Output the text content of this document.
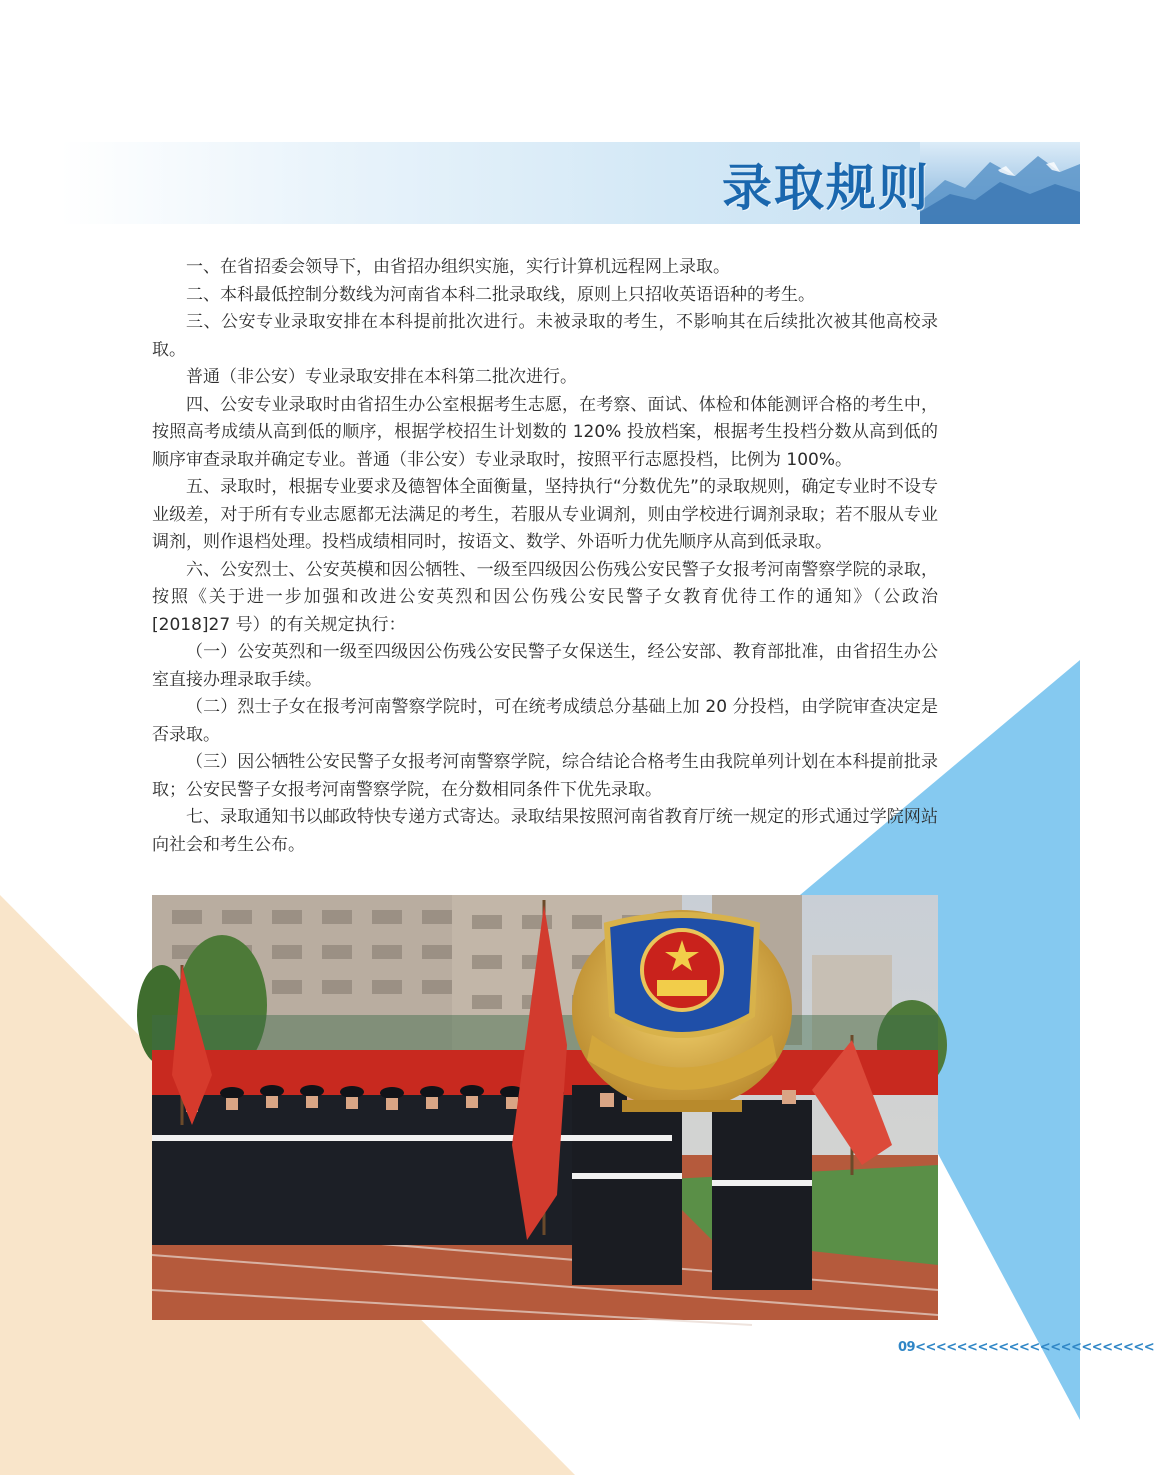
录取规则

一、在省招委会领导下，由省招办组织实施，实行计算机远程网上录取。

二、本科最低控制分数线为河南省本科二批录取线，原则上只招收英语语种的考生。

三、公安专业录取安排在本科提前批次进行。未被录取的考生，不影响其在后续批次被其他高校录取。

普通（非公安）专业录取安排在本科第二批次进行。

四、公安专业录取时由省招生办公室根据考生志愿，在考察、面试、体检和体能测评合格的考生中，按照高考成绩从高到低的顺序，根据学校招生计划数的 120% 投放档案，根据考生投档分数从高到低的顺序审查录取并确定专业。普通（非公安）专业录取时，按照平行志愿投档，比例为 100%。

五、录取时，根据专业要求及德智体全面衡量，坚持执行“分数优先”的录取规则，确定专业时不设专业级差，对于所有专业志愿都无法满足的考生，若服从专业调剂，则由学校进行调剂录取；若不服从专业调剂，则作退档处理。投档成绩相同时，按语文、数学、外语听力优先顺序从高到低录取。

六、公安烈士、公安英模和因公牺牲、一级至四级因公伤残公安民警子女报考河南警察学院的录取，按照《关于进一步加强和改进公安英烈和因公伤残公安民警子女教育优待工作的通知》（公政治 [2018]27 号）的有关规定执行：

（一）公安英烈和一级至四级因公伤残公安民警子女保送生，经公安部、教育部批准，由省招生办公室直接办理录取手续。

（二）烈士子女在报考河南警察学院时，可在统考成绩总分基础上加 20 分投档，由学院审查决定是否录取。

（三）因公牺牲公安民警子女报考河南警察学院，综合结论合格考生由我院单列计划在本科提前批录取；公安民警子女报考河南警察学院，在分数相同条件下优先录取。

七、录取通知书以邮政特快专递方式寄达。录取结果按照河南省教育厅统一规定的形式通过学院网站向社会和考生公布。

09<<<<<<<<<<<<<<<<<<<<<<<
